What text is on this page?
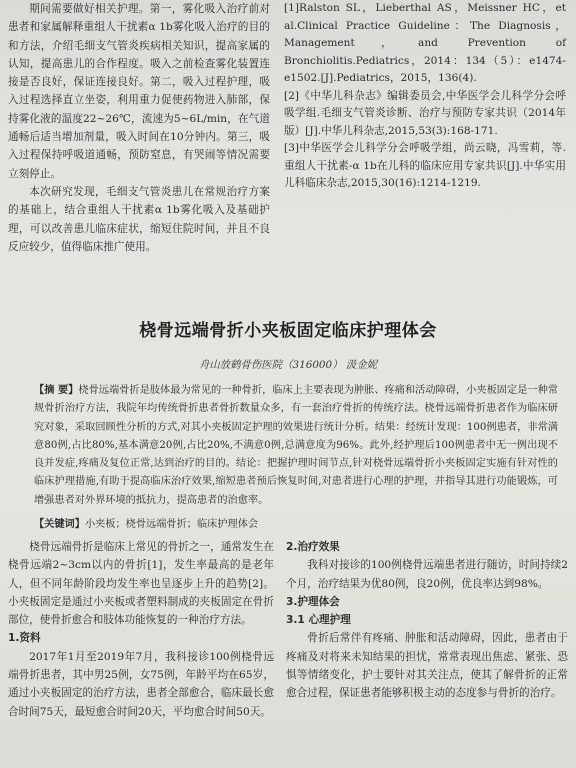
期间需要做好相关护理。第一，雾化吸入治疗前对患者和家属解释重组人干扰素α 1b雾化吸入治疗的目的和方法，介绍毛细支气管炎疾病相关知识，提高家属的认知，提高患儿的合作程度。吸入之前检查雾化装置连接是否良好，保证连接良好。第二，吸入过程护理，吸入过程选择直立坐姿，利用重力促使药物进入肺部，保持雾化液的温度22~26℃，流速为5~6L/min，在气道通畅后适当增加剂量，吸入时间在10分钟内。第三，吸入过程保持呼吸道通畅，预防窒息，有哭闹等情况需要立刻停止。

本次研究发现，毛细支气管炎患儿在常规治疗方案的基础上，结合重组人干扰素α 1b雾化吸入及基础护理，可以改善患儿临床症状，缩短住院时间，并且不良反应较少，值得临床推广使用。

[1]Ralston SL，Lieberthal AS，Meissner HC，et al.Clinical Practice Guideline：The Diagnosis，Management，and Prevention of Bronchiolitis.Pediatrics，2014：134（5）：e1474-e1502.[J].Pediatrics，2015，136(4).

[2]《中华儿科杂志》编辑委员会,中华医学会儿科学分会呼吸学组.毛细支气管炎诊断、治疗与预防专家共识（2014年版）[J].中华儿科杂志,2015,53(3):168-171.

[3]中华医学会儿科学分会呼吸学组，尚云晓，冯雪莉，等.重组人干扰素-α 1b在儿科的临床应用专家共识[J].中华实用儿科临床杂志,2015,30(16):1214-1219.

桡骨远端骨折小夹板固定临床护理体会
舟山放鹤骨伤医院（316000） 汲金妮
【摘 要】桡骨远端骨折是肢体最为常见的一种骨折，临床上主要表现为肿胀、疼痛和活动障碍，小夹板固定是一种常规骨折治疗方法，我院年均传统骨折患者骨折数量众多，有一套治疗骨折的传统疗法。桡骨远端骨折患者作为临床研究对象，采取回顾性分析的方式,对其小夹板固定护理的效果进行统计分析。结果：经统计发现：100例患者，非常满意80例,占比80%,基本满意20例,占比20%,不满意0例,总满意度为96%。此外,经护理后100例患者中无一例出现不良并发症,疼痛及复位正常,达到治疗的目的。结论：把握护理时间节点,针对桡骨远端骨折小夹板固定实施有针对性的临床护理措施,有助于提高临床治疗效果,缩短患者预后恢复时间,对患者进行心理的护理，并指导其进行功能锻炼，可增强患者对外界环境的抵抗力，提高患者的治愈率。
【关键词】小夹板；桡骨远端骨折；临床护理体会

桡骨远端骨折是临床上常见的骨折之一，通常发生在桡骨远端2~3cm以内的骨折[1]，发生率最高的是老年人，但不同年龄阶段均发生率也呈逐步上升的趋势[2]。小夹板固定是通过小夹板或者塑料制成的夹板固定在骨折部位，使骨折愈合和肢体功能恢复的一种治疗方法。

1.资料

2017年1月至2019年7月，我科接诊100例桡骨远端骨折患者，其中男25例，女75例，年龄平均在65岁，通过小夹板固定的治疗方法，患者全部愈合，临床最长愈合时间75天，最短愈合时间20天，平均愈合时间50天。

2.治疗效果

我科对接诊的100例桡骨远端患者进行随访，时间持续2个月，治疗结果为优80例，良20例，优良率达到98%。

3.护理体会

3.1 心理护理

骨折后常伴有疼痛、肿胀和活动障碍，因此，患者由于疼痛及对将来未知结果的担忧，常常表现出焦虑、紧张、恐惧等情绪变化，护士要针对其关注点，使其了解骨折的正常愈合过程，保证患者能够积极主动的态度参与骨折的治疗。
